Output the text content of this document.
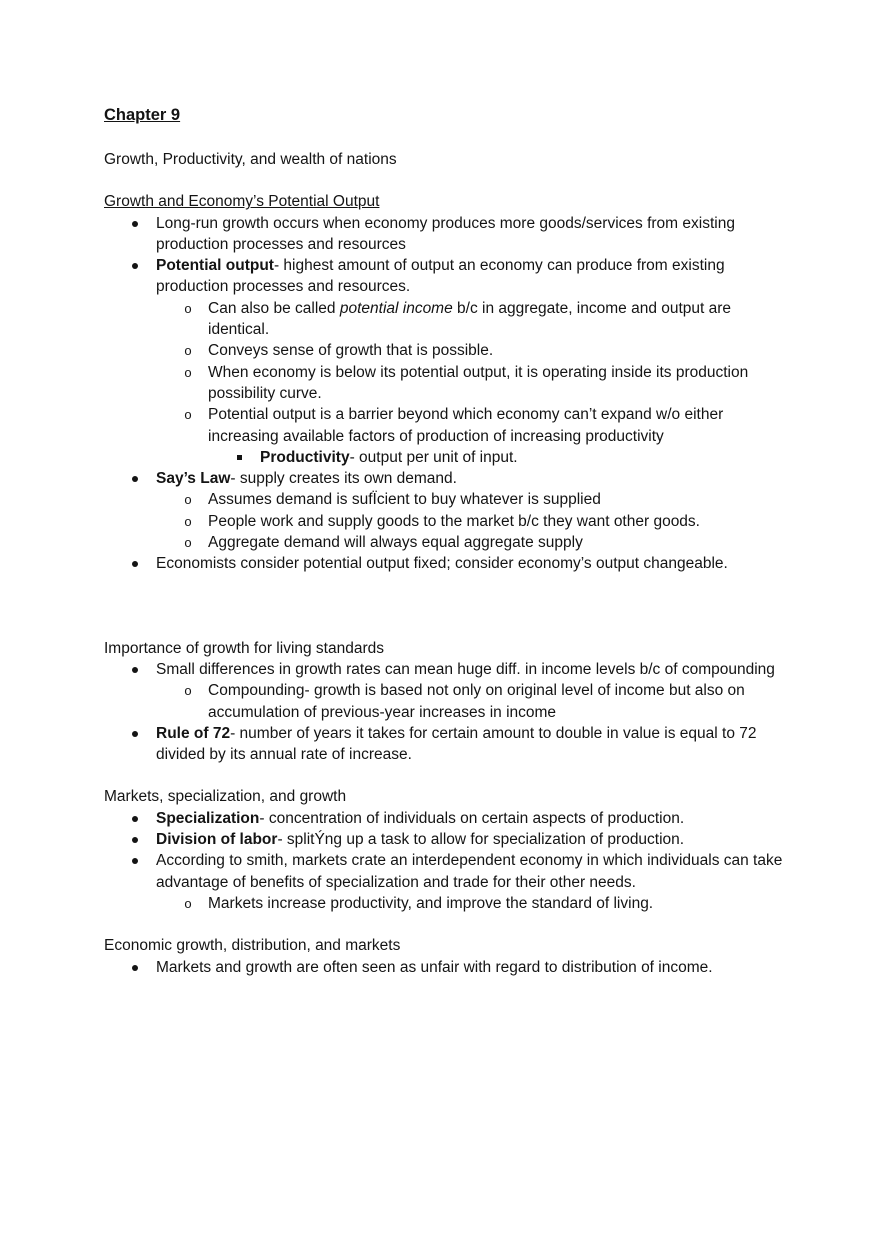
Chapter 9

Growth, Productivity, and wealth of nations
Growth and Economy’s Potential Output
Long-run growth occurs when economy produces more goods/services from existing production processes and resources
Potential output- highest amount of output an economy can produce from existing production processes and resources.
o Can also be called potential income b/c in aggregate, income and output are identical.
o Conveys sense of growth that is possible.
o When economy is below its potential output, it is operating inside its production possibility curve.
o Potential output is a barrier beyond which economy can’t expand w/o either increasing available factors of production of increasing productivity
Productivity- output per unit of input.
Say’s Law- supply creates its own demand.
o Assumes demand is sufÏcient to buy whatever is supplied
o People work and supply goods to the market b/c they want other goods.
o Aggregate demand will always equal aggregate supply
Economists consider potential output fixed; consider economy’s output changeable.
Importance of growth for living standards
Small differences in growth rates can mean huge diff. in income levels b/c of compounding
o Compounding- growth is based not only on original level of income but also on accumulation of previous-year increases in income
Rule of 72- number of years it takes for certain amount to double in value is equal to 72 divided by its annual rate of increase.
Markets, specialization, and growth
Specialization- concentration of individuals on certain aspects of production.
Division of labor- splitÝng up a task to allow for specialization of production.
According to smith, markets crate an interdependent economy in which individuals can take advantage of benefits of specialization and trade for their other needs.
o Markets increase productivity, and improve the standard of living.
Economic growth, distribution, and markets
Markets and growth are often seen as unfair with regard to distribution of income.
